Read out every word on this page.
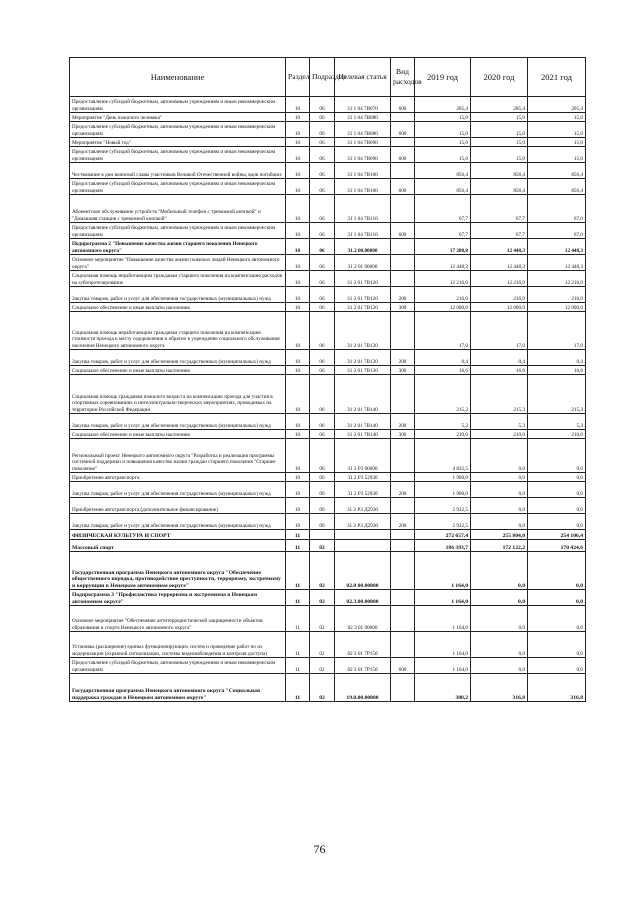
Наименование	Раздел	Подраздел	Целевая статья	Вид расходов	2019 год	2020 год	2021 год
Предоставление субсидий бюджетным, автономным учреждениям и иным некоммерческим организациям	10	06	31 1 04 7В070	600	205,4	205,4	205,4
Мероприятие "День пожилого человека"	10	06	31 1 04 7В080		15,0	15,0	15,0
Предоставление субсидий бюджетным, автономным учреждениям и иным некоммерческим организациям	10	06	31 1 04 7В080	600	15,0	15,0	15,0
Мероприятие "Новый год"	10	06	31 1 04 7В090		15,0	15,0	15,0
Предоставление субсидий бюджетным, автономным учреждениям и иным некоммерческим организациям	10	06	31 1 04 7В090	600	15,0	15,0	15,0
Чествование в дни воинской славы участников Великой Отечественной войны, вдов погибших	10	06	31 1 04 7В100		856,4	856,4	856,4
Предоставление субсидий бюджетным, автономным учреждениям и иным некоммерческим организациям	10	06	31 1 04 7В100	600	856,4	856,4	856,4
Абонентское обслуживание устройств "Мобильный телефон с тревожной кнопкой" и "Домашняя станция с тревожной кнопкой"	10	06	31 1 04 7В110		67,7	67,7	67,0
Предоставление субсидий бюджетным, автономным учреждениям и иным некоммерческим организациям	10	06	31 1 04 7В110	600	67,7	67,7	67,0
Подпрограмма 2 "Повышение качества жизни старшего поколения Ненецкого автономного округа"	10	06	31.2 00.00000		17 280,8	12 448,3	12 448,3
Основное мероприятие "Повышение качества жизни пожилых людей Ненецкого автономного округа"	10	06	31 2 01 00000		12 448,3	12 448,3	12 448,3
Социальная помощь неработающим гражданам старшего поколения на компенсацию расходов на зубопротезирование	10	06	31 2 01 7В120		12 216,0	12 216,0	12 216,0
Закупка товаров, работ и услуг для обеспечения государственных (муниципальных) нужд	10	06	31 2 01 7В120	200	216,0	216,0	216,0
Социальное обеспечение и иные выплаты населению	10	06	31 2 01 7В120	300	12 000,0	12 000,0	12 000,0
Социальная помощь неработающим гражданам старшего поколения на компенсацию стоимости проезда к месту оздоровления и обратно в учреждение социального обслуживания населения Ненецкого автономного округа	10	06	31 2 01 7В130		17,0	17,0	17,0
Закупка товаров, работ и услуг для обеспечения государственных (муниципальных) нужд	10	06	31 2 01 7В130	200	0,4	0,4	0,4
Социальное обеспечение и иные выплаты населению	10	06	31 2 01 7В130	300	16,6	16,6	16,6
Социальная помощь гражданам пожилого возраста на компенсацию проезда для участия в спортивных соревнованиях и интеллектуально-творческих мероприятиях, проводимых на территории Российской Федерации	10	06	31 2 01 7В140		215,3	215,3	215,3
Закупка товаров, работ и услуг для обеспечения государственных (муниципальных) нужд	10	06	31 2 01 7В140	200	5,3	5,3	5,3
Социальное обеспечение и иные выплаты населению	10	06	31 2 01 7В140	300	210,0	210,0	210,0
Региональный проект Ненецкого автономного округа "Разработка и реализация программы системной поддержки и повышения качества жизни граждан старшего поколения "Старшее поколение"	10	06	31 2 Р3 00000		4 832,5	0,0	0,0
Приобретение автотранспорта	10	06	31 2 Р3 52930		1 900,0	0,0	0,0
Закупка товаров, работ и услуг для обеспечения государственных (муниципальных) нужд	10	06	31 2 Р3 52930	200	1 900,0	0,0	0,0
Приобретение автотранспорта (дополнительное финансирование)	10	06	31 2 Р3 Д2930		2 932,5	0,0	0,0
Закупка товаров, работ и услуг для обеспечения государственных (муниципальных) нужд	10	06	31 2 Р3 Д2930	200	2 932,5	0,0	0,0
ФИЗИЧЕСКАЯ КУЛЬТУРА И СПОРТ	11				272 657,4	255 804,0	254 106,4
Массовый спорт	11	02			186 393,7	172 122,2	170 424,6
Государственная программа Ненецкого автономного округа "Обеспечение общественного порядка, противодействие преступности, терроризму, экстремизму и коррупции в Ненецком автономном округе"	11	02	02.0 00.00000		1 164,0	0,0	0,0
Подпрограмма 3 "Профилактика терроризма и экстремизма в Ненецком автономном округе"	11	02	02.3.00.00000		1 164,0	0,0	0,0
Основное мероприятие "Обеспечение антитеррористической защищенности объектов образования и спорта Ненецкого автономного округа"	11	02	02 3 01 00000		1 164,0	0,0	0,0
Установка (расширение) единых функционирующих систем и проведение работ по их модернизации (охранной сигнализации, системы видеонаблюдения и контроля доступа)	11	02	02 3 01 7Р150		1 164,0	0,0	0,0
Предоставление субсидий бюджетным, автономным учреждениям и иным некоммерческим организациям	11	02	02 3 01 7Р150	600	1 164,0	0,0	0,0
Государственная программа Ненецкого автономного округа "Социальная поддержка граждан в Ненецком автономном округе"	11	02	19.0.00.00000		380,2	316,8	316,8
76
